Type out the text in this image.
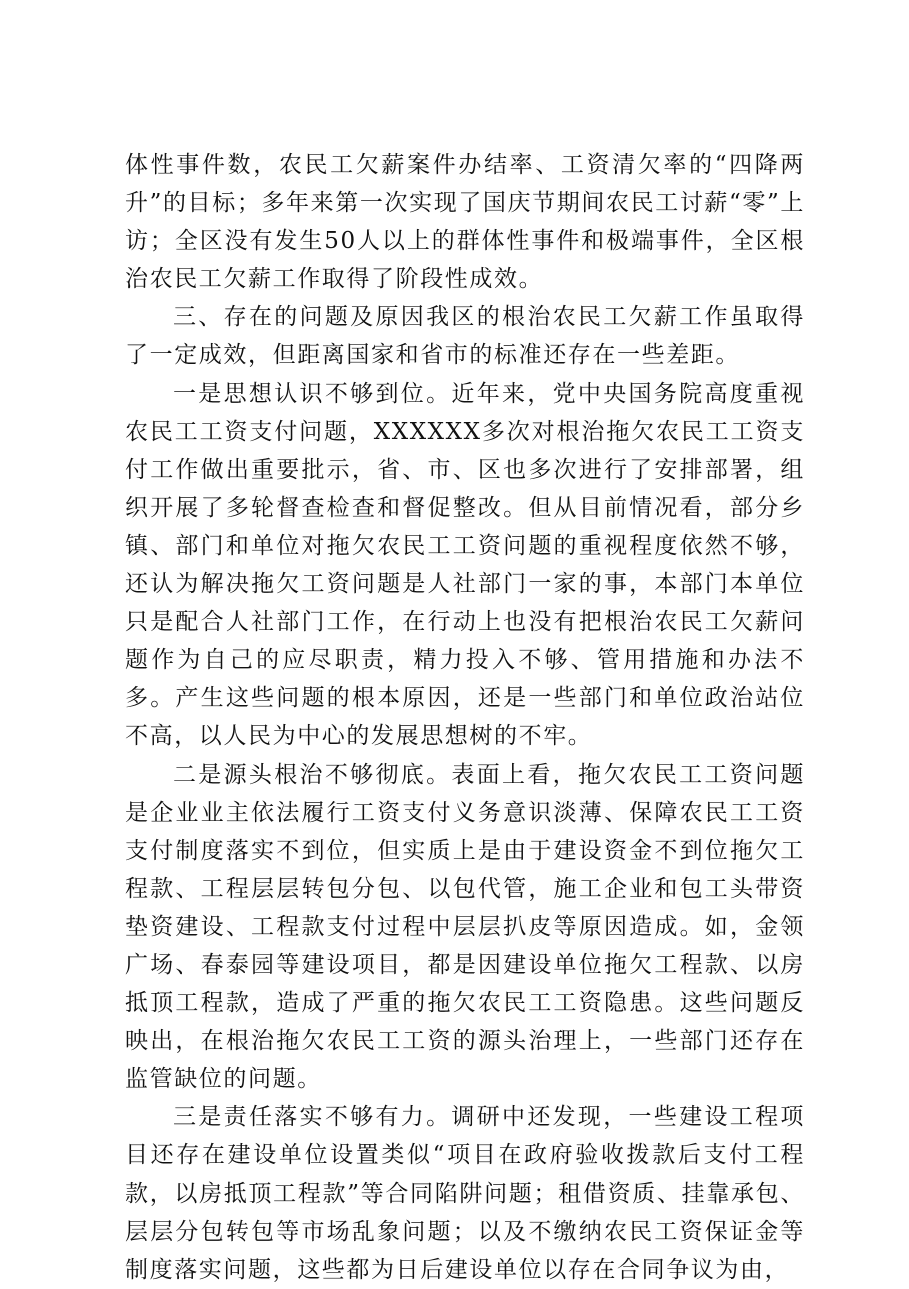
体性事件数，农民工欠薪案件办结率、工资清欠率的“四降两升”的目标；多年来第一次实现了国庆节期间农民工讨薪“零”上访；全区没有发生50人以上的群体性事件和极端事件，全区根治农民工欠薪工作取得了阶段性成效。

三、存在的问题及原因我区的根治农民工欠薪工作虽取得了一定成效，但距离国家和省市的标准还存在一些差距。

一是思想认识不够到位。近年来，党中央国务院高度重视农民工工资支付问题，XXXXXX多次对根治拖欠农民工工资支付工作做出重要批示，省、市、区也多次进行了安排部署，组织开展了多轮督查检查和督促整改。但从目前情况看，部分乡镇、部门和单位对拖欠农民工工资问题的重视程度依然不够，还认为解决拖欠工资问题是人社部门一家的事，本部门本单位只是配合人社部门工作，在行动上也没有把根治农民工欠薪问题作为自己的应尽职责，精力投入不够、管用措施和办法不多。产生这些问题的根本原因，还是一些部门和单位政治站位不高，以人民为中心的发展思想树的不牢。

二是源头根治不够彻底。表面上看，拖欠农民工工资问题是企业业主依法履行工资支付义务意识淡薄、保障农民工工资支付制度落实不到位，但实质上是由于建设资金不到位拖欠工程款、工程层层转包分包、以包代管，施工企业和包工头带资垫资建设、工程款支付过程中层层扒皮等原因造成。如，金领广场、春泰园等建设项目，都是因建设单位拖欠工程款、以房抵顶工程款，造成了严重的拖欠农民工工资隐患。这些问题反映出，在根治拖欠农民工工资的源头治理上，一些部门还存在监管缺位的问题。

三是责任落实不够有力。调研中还发现，一些建设工程项目还存在建设单位设置类似“项目在政府验收拨款后支付工程款，以房抵顶工程款”等合同陷阱问题；租借资质、挂靠承包、层层分包转包等市场乱象问题；以及不缴纳农民工资保证金等制度落实问题，这些都为日后建设单位以存在合同争议为由，
